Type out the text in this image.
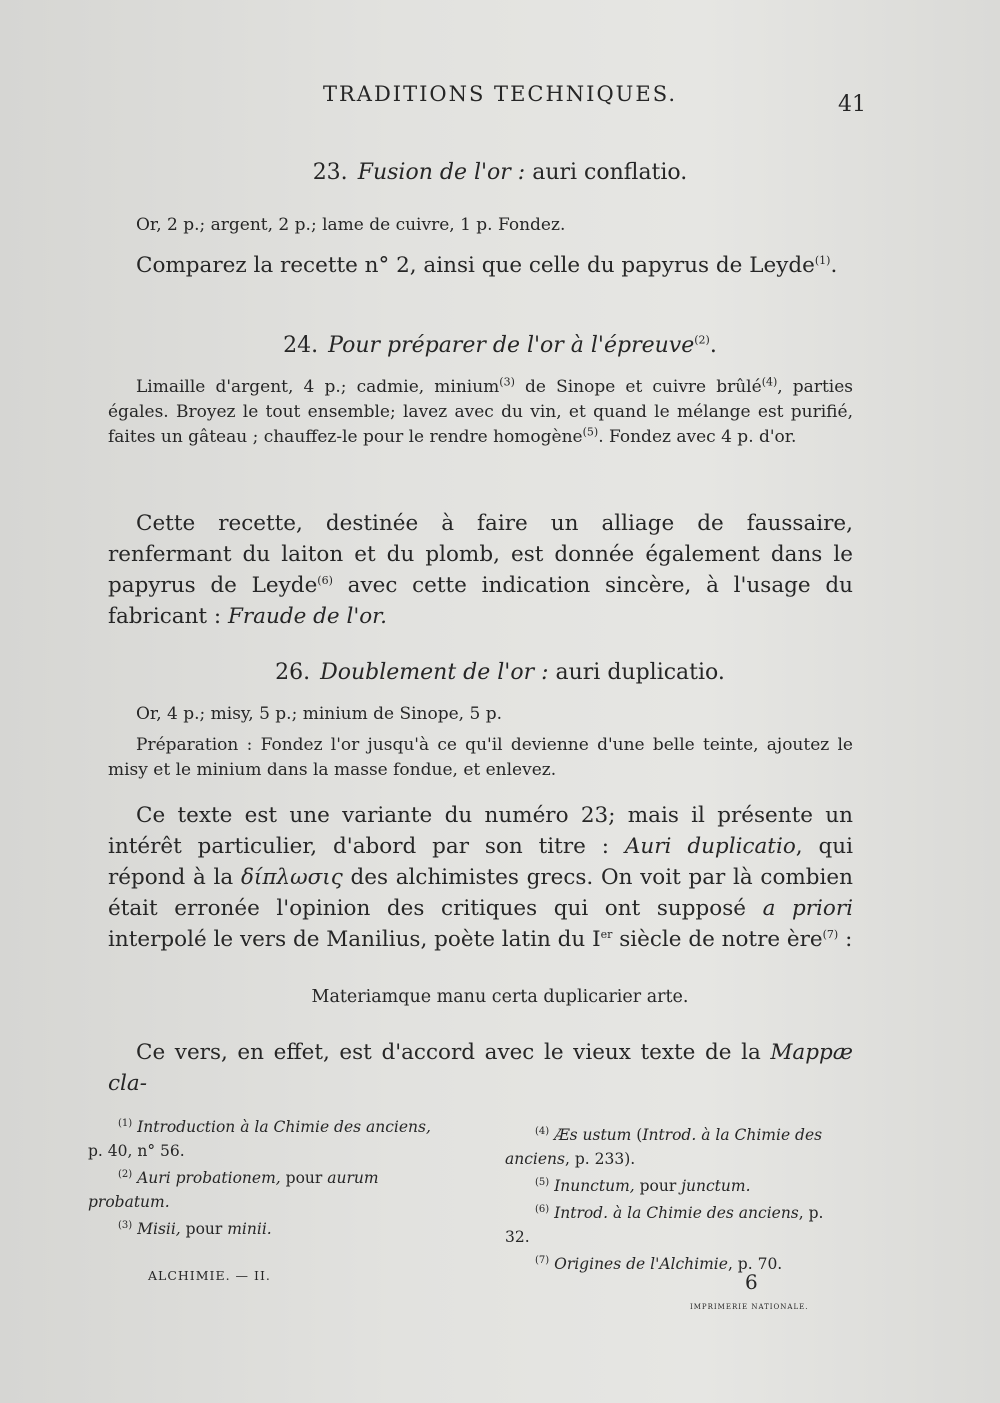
TRADITIONS TECHNIQUES.	41
23. Fusion de l'or : auri conflatio.
Or, 2 p.; argent, 2 p.; lame de cuivre, 1 p. Fondez.
Comparez la recette n° 2, ainsi que celle du papyrus de Leyde$^{(1)}$.
24. Pour préparer de l'or à l'épreuve$^{(2)}$.
Limaille d'argent, 4 p.; cadmie, minium$^{(3)}$ de Sinope et cuivre brûlé$^{(4)}$, parties égales. Broyez le tout ensemble; lavez avec du vin, et quand le mélange est purifié, faites un gâteau ; chauffez-le pour le rendre homogène$^{(5)}$. Fondez avec 4 p. d'or.
Cette recette, destinée à faire un alliage de faussaire, renfermant du laiton et du plomb, est donnée également dans le papyrus de Leyde$^{(6)}$ avec cette indication sincère, à l'usage du fabricant : Fraude de l'or.
26. Doublement de l'or : auri duplicatio.
Or, 4 p.; misy, 5 p.; minium de Sinope, 5 p.
Préparation : Fondez l'or jusqu'à ce qu'il devienne d'une belle teinte, ajoutez le misy et le minium dans la masse fondue, et enlevez.
Ce texte est une variante du numéro 23; mais il présente un intérêt particulier, d'abord par son titre : Auri duplicatio, qui répond à la δίπλωσις des alchimistes grecs. On voit par là combien était erronée l'opinion des critiques qui ont supposé a priori interpolé le vers de Manilius, poète latin du Ier siècle de notre ère$^{(7)}$ :
Materiamque manu certa duplicarier arte.
Ce vers, en effet, est d'accord avec le vieux texte de la Mappæ cla-
$^{(1)}$ Introduction à la Chimie des anciens, p. 40, n° 56.
$^{(2)}$ Auri probationem, pour aurum probatum.
$^{(3)}$ Misii, pour minii.
$^{(4)}$ Æs ustum (Introd. à la Chimie des anciens, p. 233).
$^{(5)}$ Inunctum, pour junctum.
$^{(6)}$ Introd. à la Chimie des anciens, p. 32.
$^{(7)}$ Origines de l'Alchimie, p. 70.
ALCHIMIE. — II.	6
IMPRIMERIE NATIONALE.
